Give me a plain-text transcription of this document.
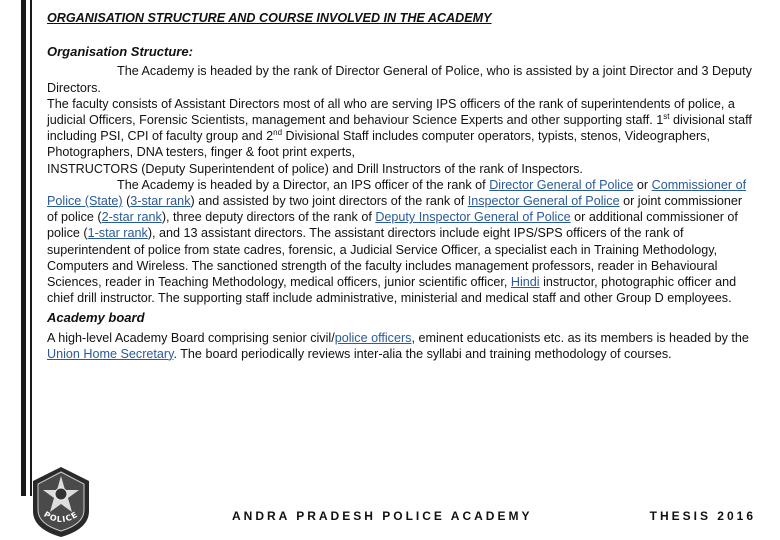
ORGANISATION STRUCTURE AND COURSE INVOLVED IN THE ACADEMY
Organisation Structure:

The Academy is headed by the rank of Director General of Police, who is assisted by a joint Director and 3 Deputy Directors.

The faculty consists of Assistant Directors most of all who are serving IPS officers of the rank of superintendents of police, a judicial Officers, Forensic Scientists, management and behaviour Science Experts and other supporting staff. 1st divisional staff including PSI, CPI of faculty group and 2nd Divisional Staff includes computer operators, typists, stenos, Videographers, Photographers, DNA testers, finger & foot print experts,

INSTRUCTORS (Deputy Superintendent of police) and Drill Instructors of the rank of Inspectors.

The Academy is headed by a Director, an IPS officer of the rank of Director General of Police or Commissioner of Police (State) (3-star rank) and assisted by two joint directors of the rank of Inspector General of Police or joint commissioner of police (2-star rank), three deputy directors of the rank of Deputy Inspector General of Police or additional commissioner of police (1-star rank), and 13 assistant directors. The assistant directors include eight IPS/SPS officers of the rank of superintendent of police from state cadres, forensic, a Judicial Service Officer, a specialist each in Training Methodology, Computers and Wireless. The sanctioned strength of the faculty includes management professors, reader in Behavioural Sciences, reader in Teaching Methodology, medical officers, junior scientific officer, Hindi instructor, photographic officer and chief drill instructor. The supporting staff include administrative, ministerial and medical staff and other Group D employees.

Academy board

A high-level Academy Board comprising senior civil/police officers, eminent educationists etc. as its members is headed by the Union Home Secretary. The board periodically reviews inter-alia the syllabi and training methodology of courses.

POLICE	ANDRA PRADESH POLICE ACADEMY	THESIS 2016
